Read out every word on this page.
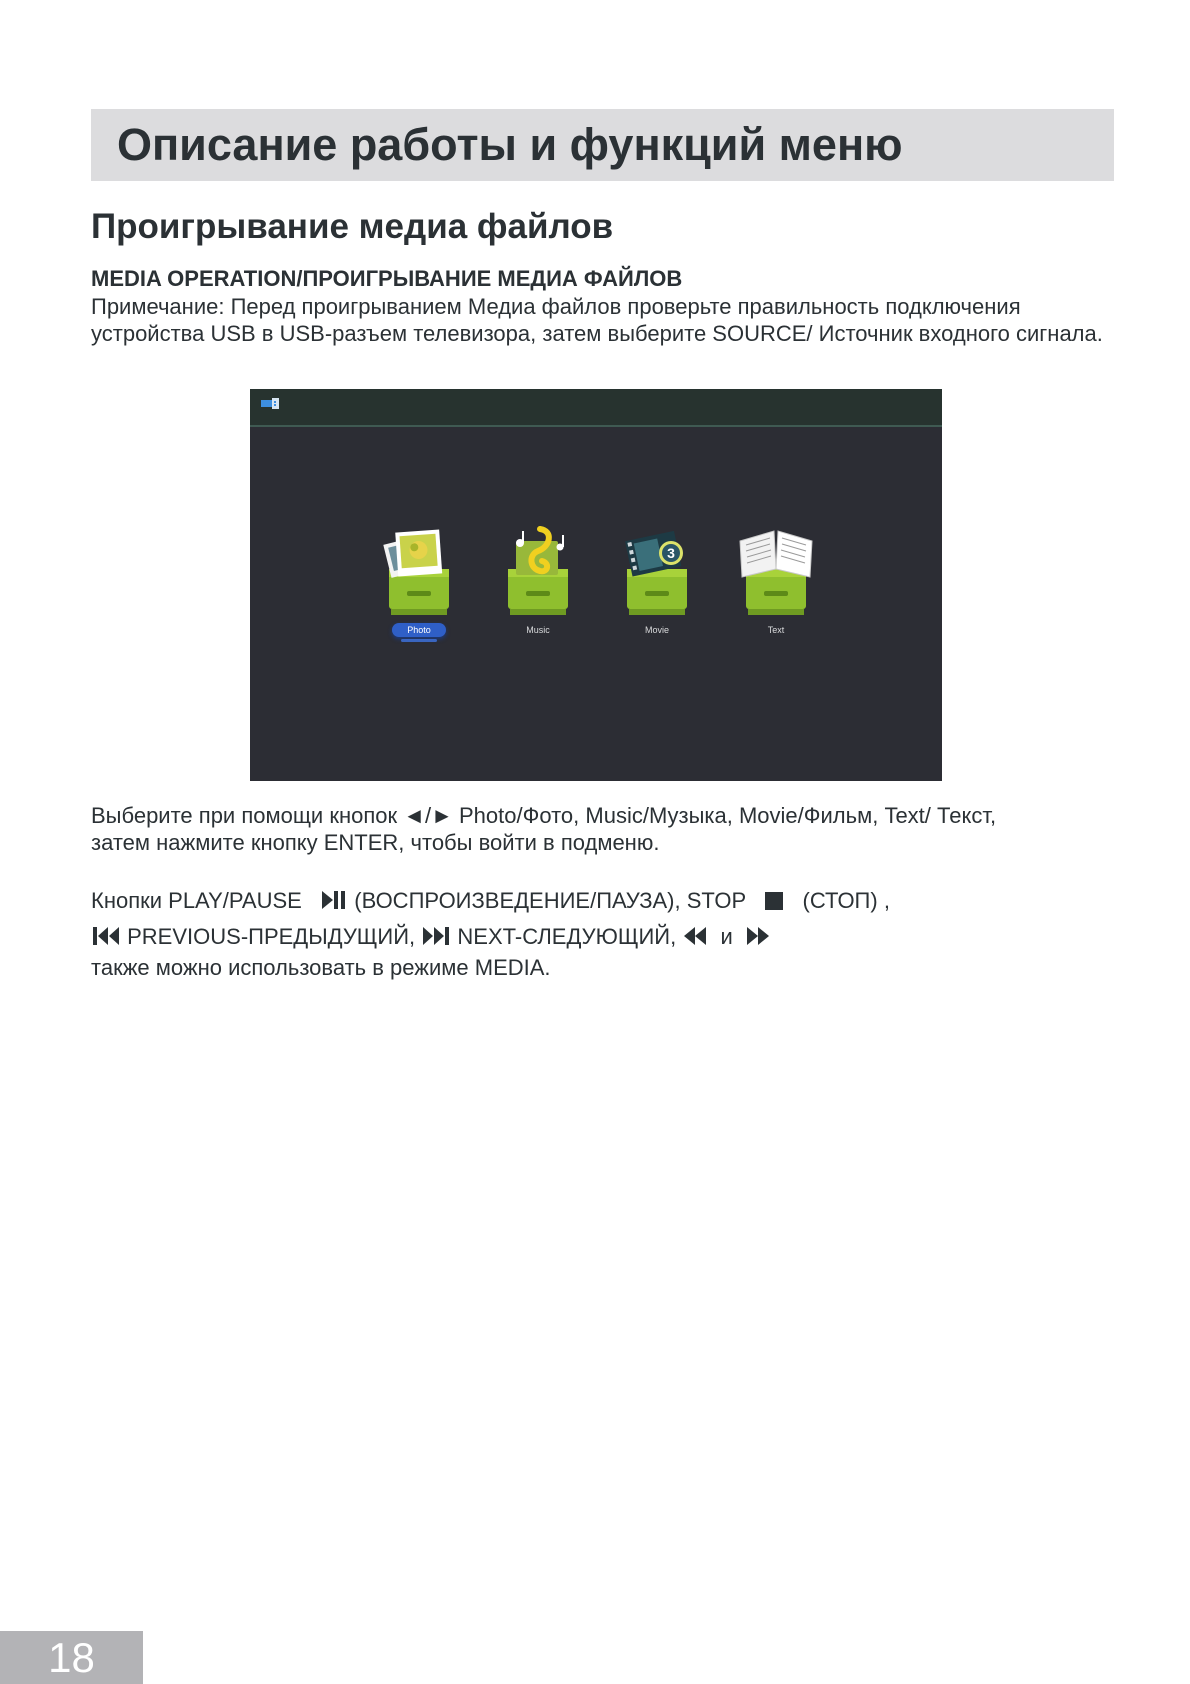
Описание работы и функций меню
Проигрывание медиа файлов

MEDIA OPERATION/ПРОИГРЫВАНИЕ МЕДИА ФАЙЛОВ

Примечание: Перед проигрыванием Медиа файлов проверьте правильность подключения устройства USB в USB-разъем телевизора, затем выберите SOURCE/ Источник входного сигнала.

Photo	Music
3
Movie	Text

Выберите при помощи кнопок ◄/► Photo/Фото, Music/Музыка, Movie/Фильм, Text/ Текст,

затем нажмите кнопку ENTER, чтобы войти в подменю.

Кнопки PLAY/PAUSE (ВОСПРОИЗВЕДЕНИЕ/ПАУЗА), STOP	(СТОП) ,

PREVIOUS-ПРЕДЫДУЩИЙ, NEXT-СЛЕДУЮЩИЙ, и

также можно использовать в режиме MEDIA.

18
